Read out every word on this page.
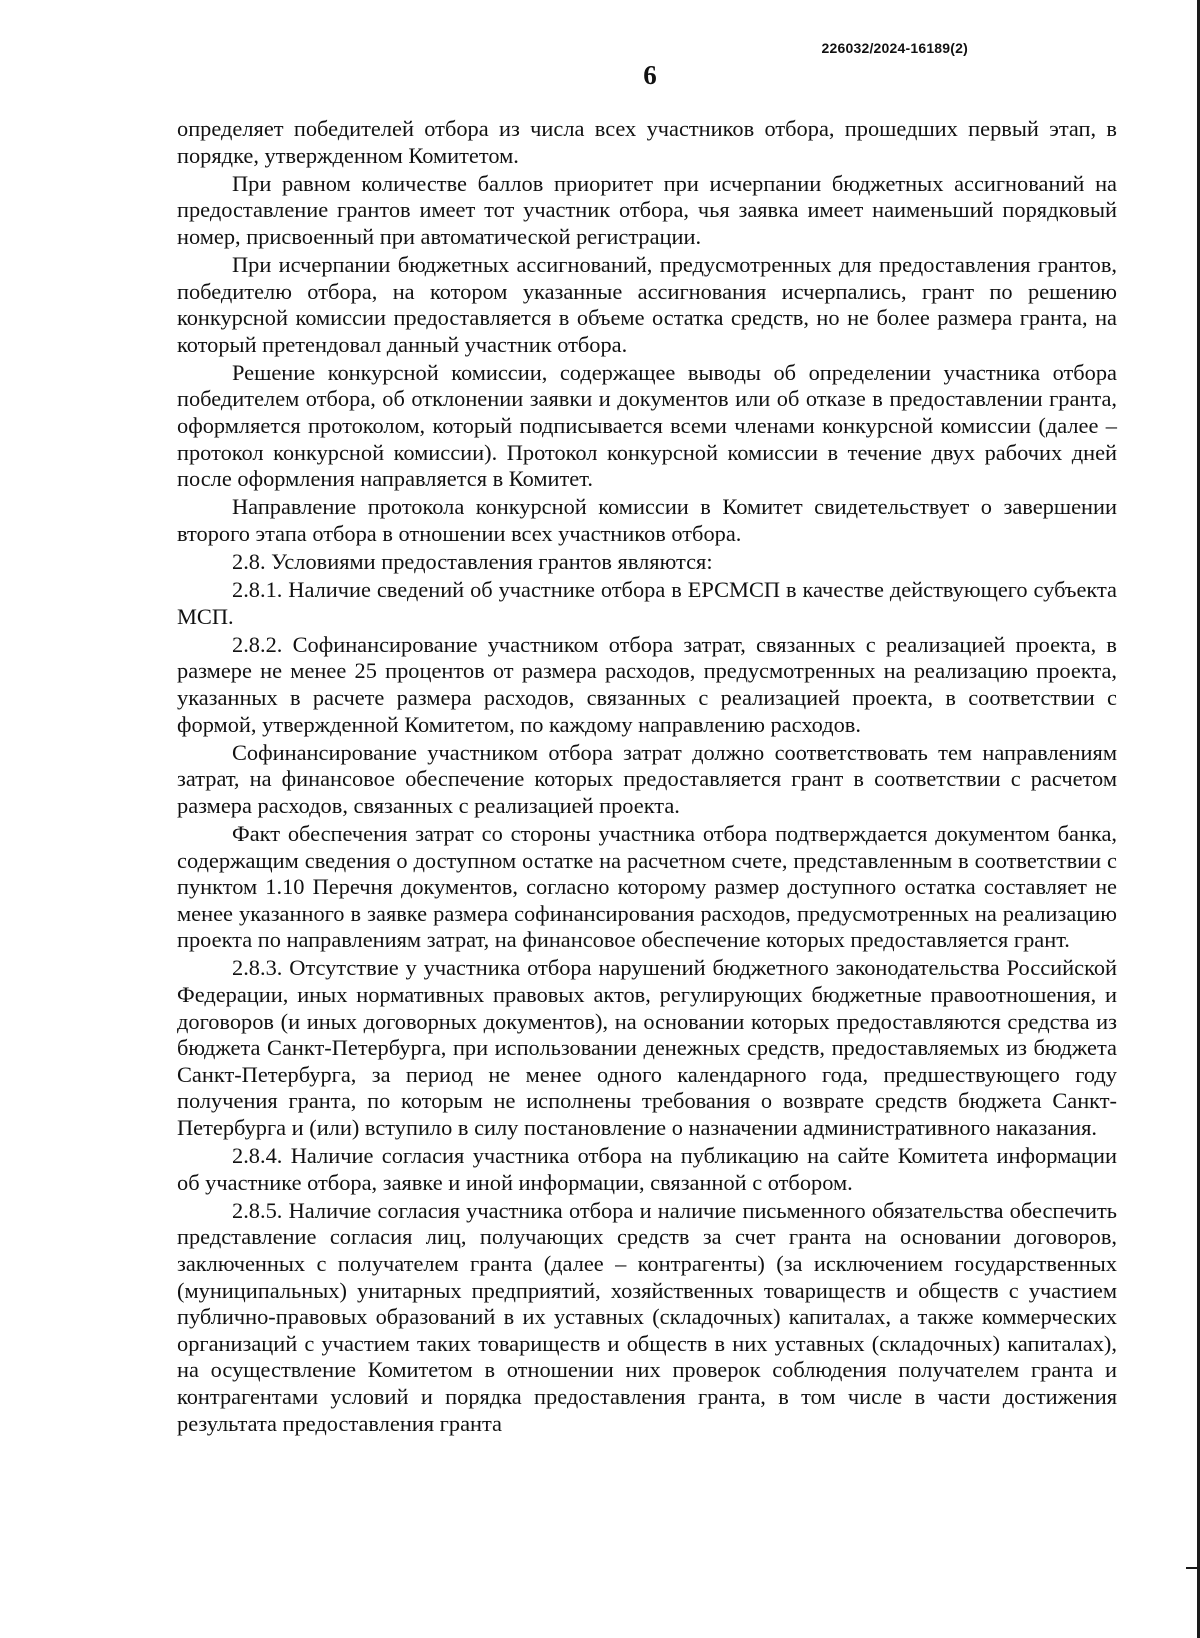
226032/2024-16189(2)
6

определяет победителей отбора из числа всех участников отбора, прошедших первый этап, в порядке, утвержденном Комитетом.

При равном количестве баллов приоритет при исчерпании бюджетных ассигнований на предоставление грантов имеет тот участник отбора, чья заявка имеет наименьший порядковый номер, присвоенный при автоматической регистрации.

При исчерпании бюджетных ассигнований, предусмотренных для предоставления грантов, победителю отбора, на котором указанные ассигнования исчерпались, грант по решению конкурсной комиссии предоставляется в объеме остатка средств, но не более размера гранта, на который претендовал данный участник отбора.

Решение конкурсной комиссии, содержащее выводы об определении участника отбора победителем отбора, об отклонении заявки и документов или об отказе в предоставлении гранта, оформляется протоколом, который подписывается всеми членами конкурсной комиссии (далее – протокол конкурсной комиссии). Протокол конкурсной комиссии в течение двух рабочих дней после оформления направляется в Комитет.

Направление протокола конкурсной комиссии в Комитет свидетельствует о завершении второго этапа отбора в отношении всех участников отбора.

2.8. Условиями предоставления грантов являются:

2.8.1. Наличие сведений об участнике отбора в ЕРСМСП в качестве действующего субъекта МСП.

2.8.2. Софинансирование участником отбора затрат, связанных с реализацией проекта, в размере не менее 25 процентов от размера расходов, предусмотренных на реализацию проекта, указанных в расчете размера расходов, связанных с реализацией проекта, в соответствии с формой, утвержденной Комитетом, по каждому направлению расходов.

Софинансирование участником отбора затрат должно соответствовать тем направлениям затрат, на финансовое обеспечение которых предоставляется грант в соответствии с расчетом размера расходов, связанных с реализацией проекта.

Факт обеспечения затрат со стороны участника отбора подтверждается документом банка, содержащим сведения о доступном остатке на расчетном счете, представленным в соответствии с пунктом 1.10 Перечня документов, согласно которому размер доступного остатка составляет не менее указанного в заявке размера софинансирования расходов, предусмотренных на реализацию проекта по направлениям затрат, на финансовое обеспечение которых предоставляется грант.

2.8.3. Отсутствие у участника отбора нарушений бюджетного законодательства Российской Федерации, иных нормативных правовых актов, регулирующих бюджетные правоотношения, и договоров (и иных договорных документов), на основании которых предоставляются средства из бюджета Санкт-Петербурга, при использовании денежных средств, предоставляемых из бюджета Санкт-Петербурга, за период не менее одного календарного года, предшествующего году получения гранта, по которым не исполнены требования о возврате средств бюджета Санкт-Петербурга и (или) вступило в силу постановление о назначении административного наказания.

2.8.4. Наличие согласия участника отбора на публикацию на сайте Комитета информации об участнике отбора, заявке и иной информации, связанной с отбором.

2.8.5. Наличие согласия участника отбора и наличие письменного обязательства обеспечить представление согласия лиц, получающих средств за счет гранта на основании договоров, заключенных с получателем гранта (далее – контрагенты) (за исключением государственных (муниципальных) унитарных предприятий, хозяйственных товариществ и обществ с участием публично-правовых образований в их уставных (складочных) капиталах, а также коммерческих организаций с участием таких товариществ и обществ в них уставных (складочных) капиталах), на осуществление Комитетом в отношении них проверок соблюдения получателем гранта и контрагентами условий и порядка предоставления гранта, в том числе в части достижения результата предоставления гранта
